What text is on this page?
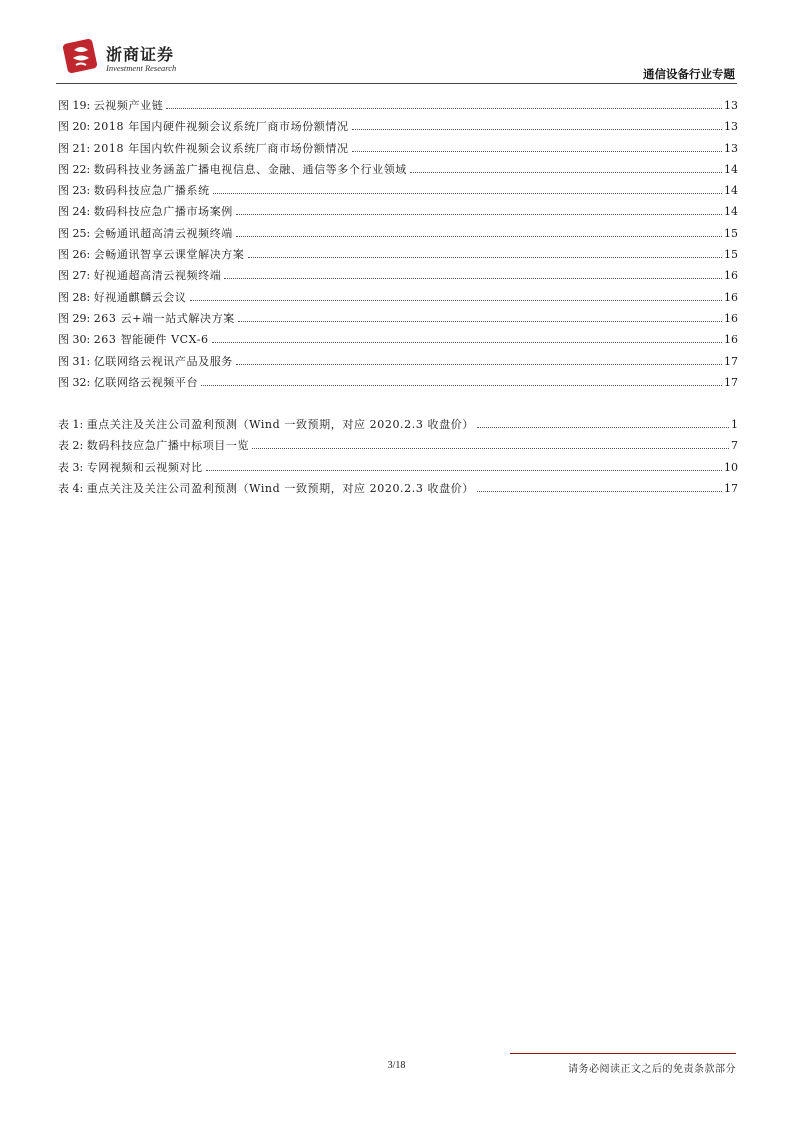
浙商证券
Investment Research	通信设备行业专题
图 19:
云视频产业链	13
图 20:
2018 年国内硬件视频会议系统厂商市场份额情况	13
图 21:
2018 年国内软件视频会议系统厂商市场份额情况	13
图 22:
数码科技业务涵盖广播电视信息、金融、通信等多个行业领域	14
图 23:
数码科技应急广播系统	14
图 24:
数码科技应急广播市场案例	14
图 25:
会畅通讯超高清云视频终端	15
图 26:
会畅通讯智享云课堂解决方案	15
图 27:
好视通超高清云视频终端	16
图 28:
好视通麒麟云会议	16
图 29:
263 云+端一站式解决方案	16
图 30:
263 智能硬件 VCX-6	16
图 31:
亿联网络云视讯产品及服务	17
图 32:
亿联网络云视频平台	17
表 1:
重点关注及关注公司盈利预测（Wind 一致预期，对应 2020.2.3 收盘价）	1
表 2:
数码科技应急广播中标项目一览	7
表 3:
专网视频和云视频对比	10
表 4:
重点关注及关注公司盈利预测（Wind 一致预期，对应 2020.2.3 收盘价）	17
3/18	请务必阅读正文之后的免责条款部分
